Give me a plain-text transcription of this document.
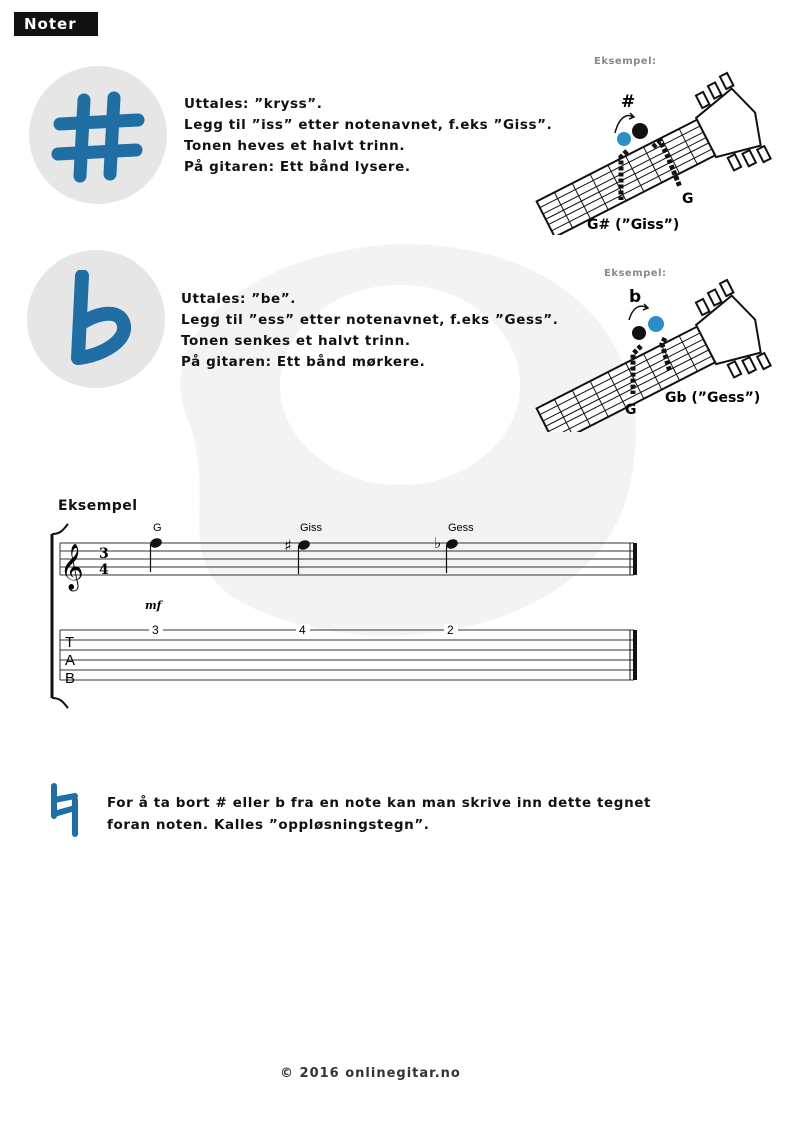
Noter
Uttales: ”kryss”.
Legg til ”iss” etter notenavnet, f.eks ”Giss”.
Tonen heves et halvt trinn.
På gitaren: Ett bånd lysere.
Eksempel:
#
G
G# (”Giss”)
Uttales: ”be”.
Legg til ”ess” etter notenavnet, f.eks ”Gess”.
Tonen senkes et halvt trinn.
På gitaren: Ett bånd mørkere.
Eksempel:
b
G
Gb (”Gess”)
Eksempel
𝄞 3
4
G	Giss
♯
Gess
♭
mf
T
A
B
3	4	2
For å ta bort # eller b fra en note kan man skrive inn dette tegnet
foran noten. Kalles ”oppløsningstegn”.
© 2016 onlinegitar.no
